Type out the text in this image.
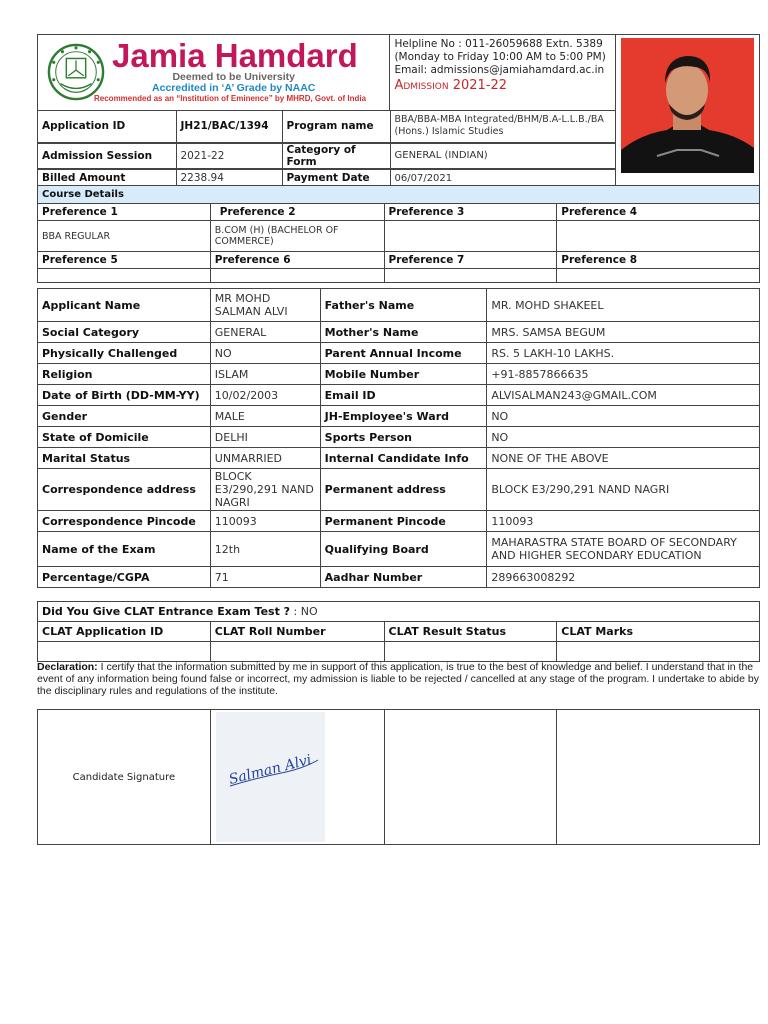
Jamia Hamdard
Deemed to be University
Accredited in ‘A’ Grade by NAAC
Recommended as an “Institution of Eminence” by MHRD, Govt. of India

Helpline No : 011-26059688 Extn. 5389
(Monday to Friday 10:00 AM to 5:00 PM)
Email: admissions@jamiahamdard.ac.in
Admission 2021-22

Application ID	JH21/BAC/1394	Program name	BBA/BBA-MBA Integrated/BHM/B.A-L.L.B./BA (Hons.) Islamic Studies

Admission Session	2021-22	Category of Form	GENERAL (INDIAN)

Billed Amount	2238.94	Payment Date	06/07/2021
Course Details			
Preference 1	Preference 2	Preference 3	Preference 4
BBA REGULAR	B.COM (H) (BACHELOR OF COMMERCE)		
Preference 5	Preference 6	Preference 7	Preference 8

Applicant Name	MR MOHD SALMAN ALVI	Father's Name	MR. MOHD SHAKEEL
Social Category	GENERAL	Mother's Name	MRS. SAMSA BEGUM
Physically Challenged	NO	Parent Annual Income	RS. 5 LAKH-10 LAKHS.
Religion	ISLAM	Mobile Number	+91-8857866635
Date of Birth (DD-MM-YY)	10/02/2003	Email ID	ALVISALMAN243@GMAIL.COM
Gender	MALE	JH-Employee's Ward	NO
State of Domicile	DELHI	Sports Person	NO
Marital Status	UNMARRIED	Internal Candidate Info	NONE OF THE ABOVE
Correspondence address	BLOCK E3/290,291 NAND NAGRI	Permanent address	BLOCK E3/290,291 NAND NAGRI
Correspondence Pincode	110093	Permanent Pincode	110093
Name of the Exam	12th	Qualifying Board	MAHARASTRA STATE BOARD OF SECONDARY AND HIGHER SECONDARY EDUCATION
Percentage/CGPA	71	Aadhar Number	289663008292
Did You Give CLAT Entrance Exam Test ? : NO			
CLAT Application ID	CLAT Roll Number	CLAT Result Status	CLAT Marks

Declaration: I certify that the information submitted by me in support of this application, is true to the best of knowledge and belief. I understand that in the event of any information being found false or incorrect, my admission is liable to be rejected / cancelled at any stage of the program. I undertake to abide by the disciplinary rules and regulations of the institute.
Candidate Signature	Salman Alvi
